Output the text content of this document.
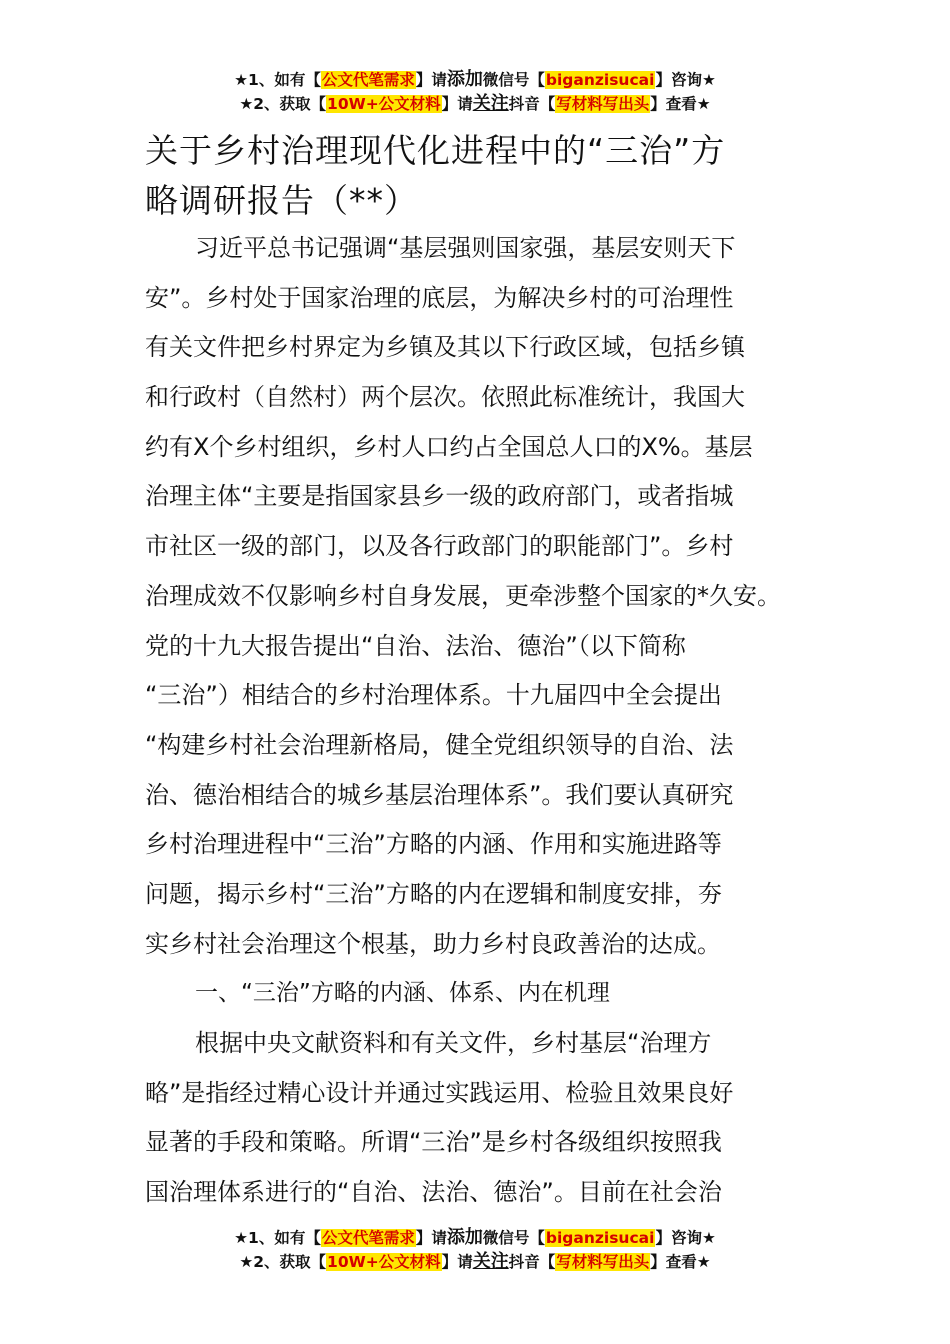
★1、如有【公文代笔需求】请添加微信号【biganzisucai】咨询★
★2、获取【10W+公文材料】请关注抖音【写材料写出头】查看★
关于乡村治理现代化进程中的“三治”方
略调研报告（**）
习近平总书记强调“基层强则国家强，基层安则天下
安”。乡村处于国家治理的底层，为解决乡村的可治理性
有关文件把乡村界定为乡镇及其以下行政区域，包括乡镇
和行政村（自然村）两个层次。依照此标准统计，我国大
约有X个乡村组织，乡村人口约占全国总人口的X%。基层
治理主体“主要是指国家县乡一级的政府部门，或者指城
市社区一级的部门，以及各行政部门的职能部门”。乡村
治理成效不仅影响乡村自身发展，更牵涉整个国家的*久安。
党的十九大报告提出“自治、法治、德治”（以下简称
“三治”）相结合的乡村治理体系。十九届四中全会提出
“构建乡村社会治理新格局，健全党组织领导的自治、法
治、德治相结合的城乡基层治理体系”。我们要认真研究
乡村治理进程中“三治”方略的内涵、作用和实施进路等
问题，揭示乡村“三治”方略的内在逻辑和制度安排，夯
实乡村社会治理这个根基，助力乡村良政善治的达成。
一、“三治”方略的内涵、体系、内在机理
根据中央文献资料和有关文件，乡村基层“治理方
略”是指经过精心设计并通过实践运用、检验且效果良好
显著的手段和策略。所谓“三治”是乡村各级组织按照我
国治理体系进行的“自治、法治、德治”。目前在社会治
★1、如有【公文代笔需求】请添加微信号【biganzisucai】咨询★
★2、获取【10W+公文材料】请关注抖音【写材料写出头】查看★
